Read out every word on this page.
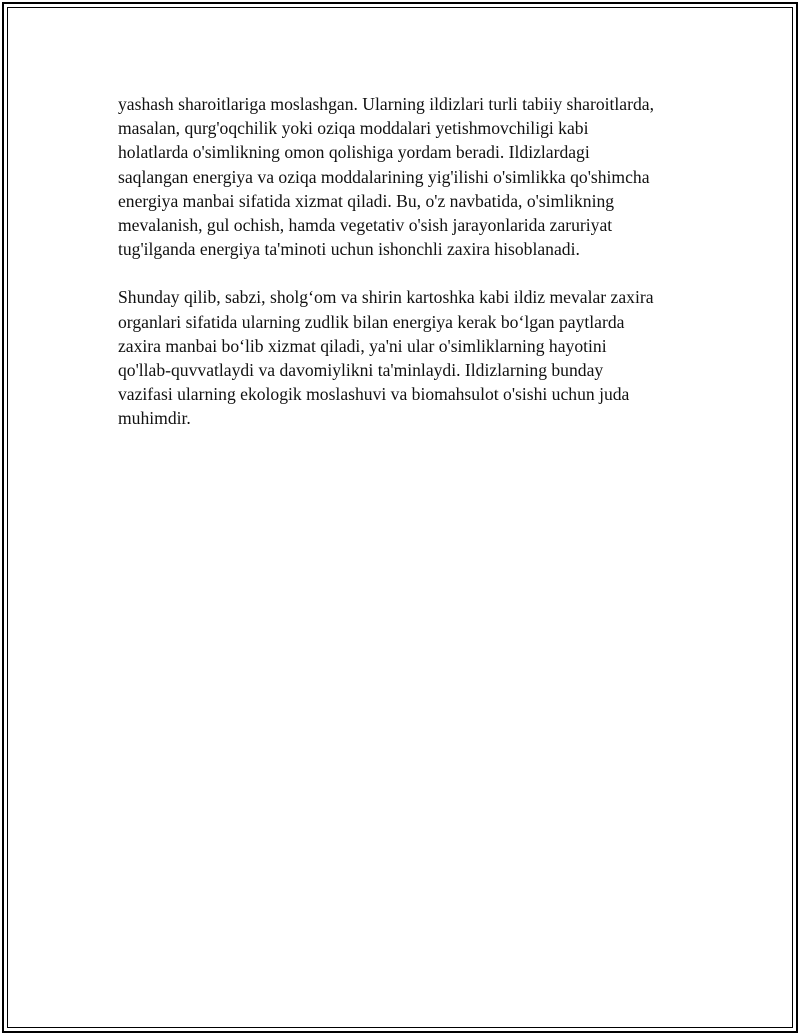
yashash sharoitlariga moslashgan. Ularning ildizlari turli tabiiy sharoitlarda,
masalan, qurg'oqchilik yoki oziqa moddalari yetishmovchiligi kabi
holatlarda o'simlikning omon qolishiga yordam beradi. Ildizlardagi
saqlangan energiya va oziqa moddalarining yig'ilishi o'simlikka qo'shimcha
energiya manbai sifatida xizmat qiladi. Bu, o'z navbatida, o'simlikning
mevalanish, gul ochish, hamda vegetativ o'sish jarayonlarida zaruriyat
tug'ilganda energiya ta'minoti uchun ishonchli zaxira hisoblanadi.

Shunday qilib, sabzi, sholg‘om va shirin kartoshka kabi ildiz mevalar zaxira
organlari sifatida ularning zudlik bilan energiya kerak bo‘lgan paytlarda
zaxira manbai bo‘lib xizmat qiladi, ya'ni ular o'simliklarning hayotini
qo'llab-quvvatlaydi va davomiylikni ta'minlaydi. Ildizlarning bunday
vazifasi ularning ekologik moslashuvi va biomahsulot o'sishi uchun juda
muhimdir.
